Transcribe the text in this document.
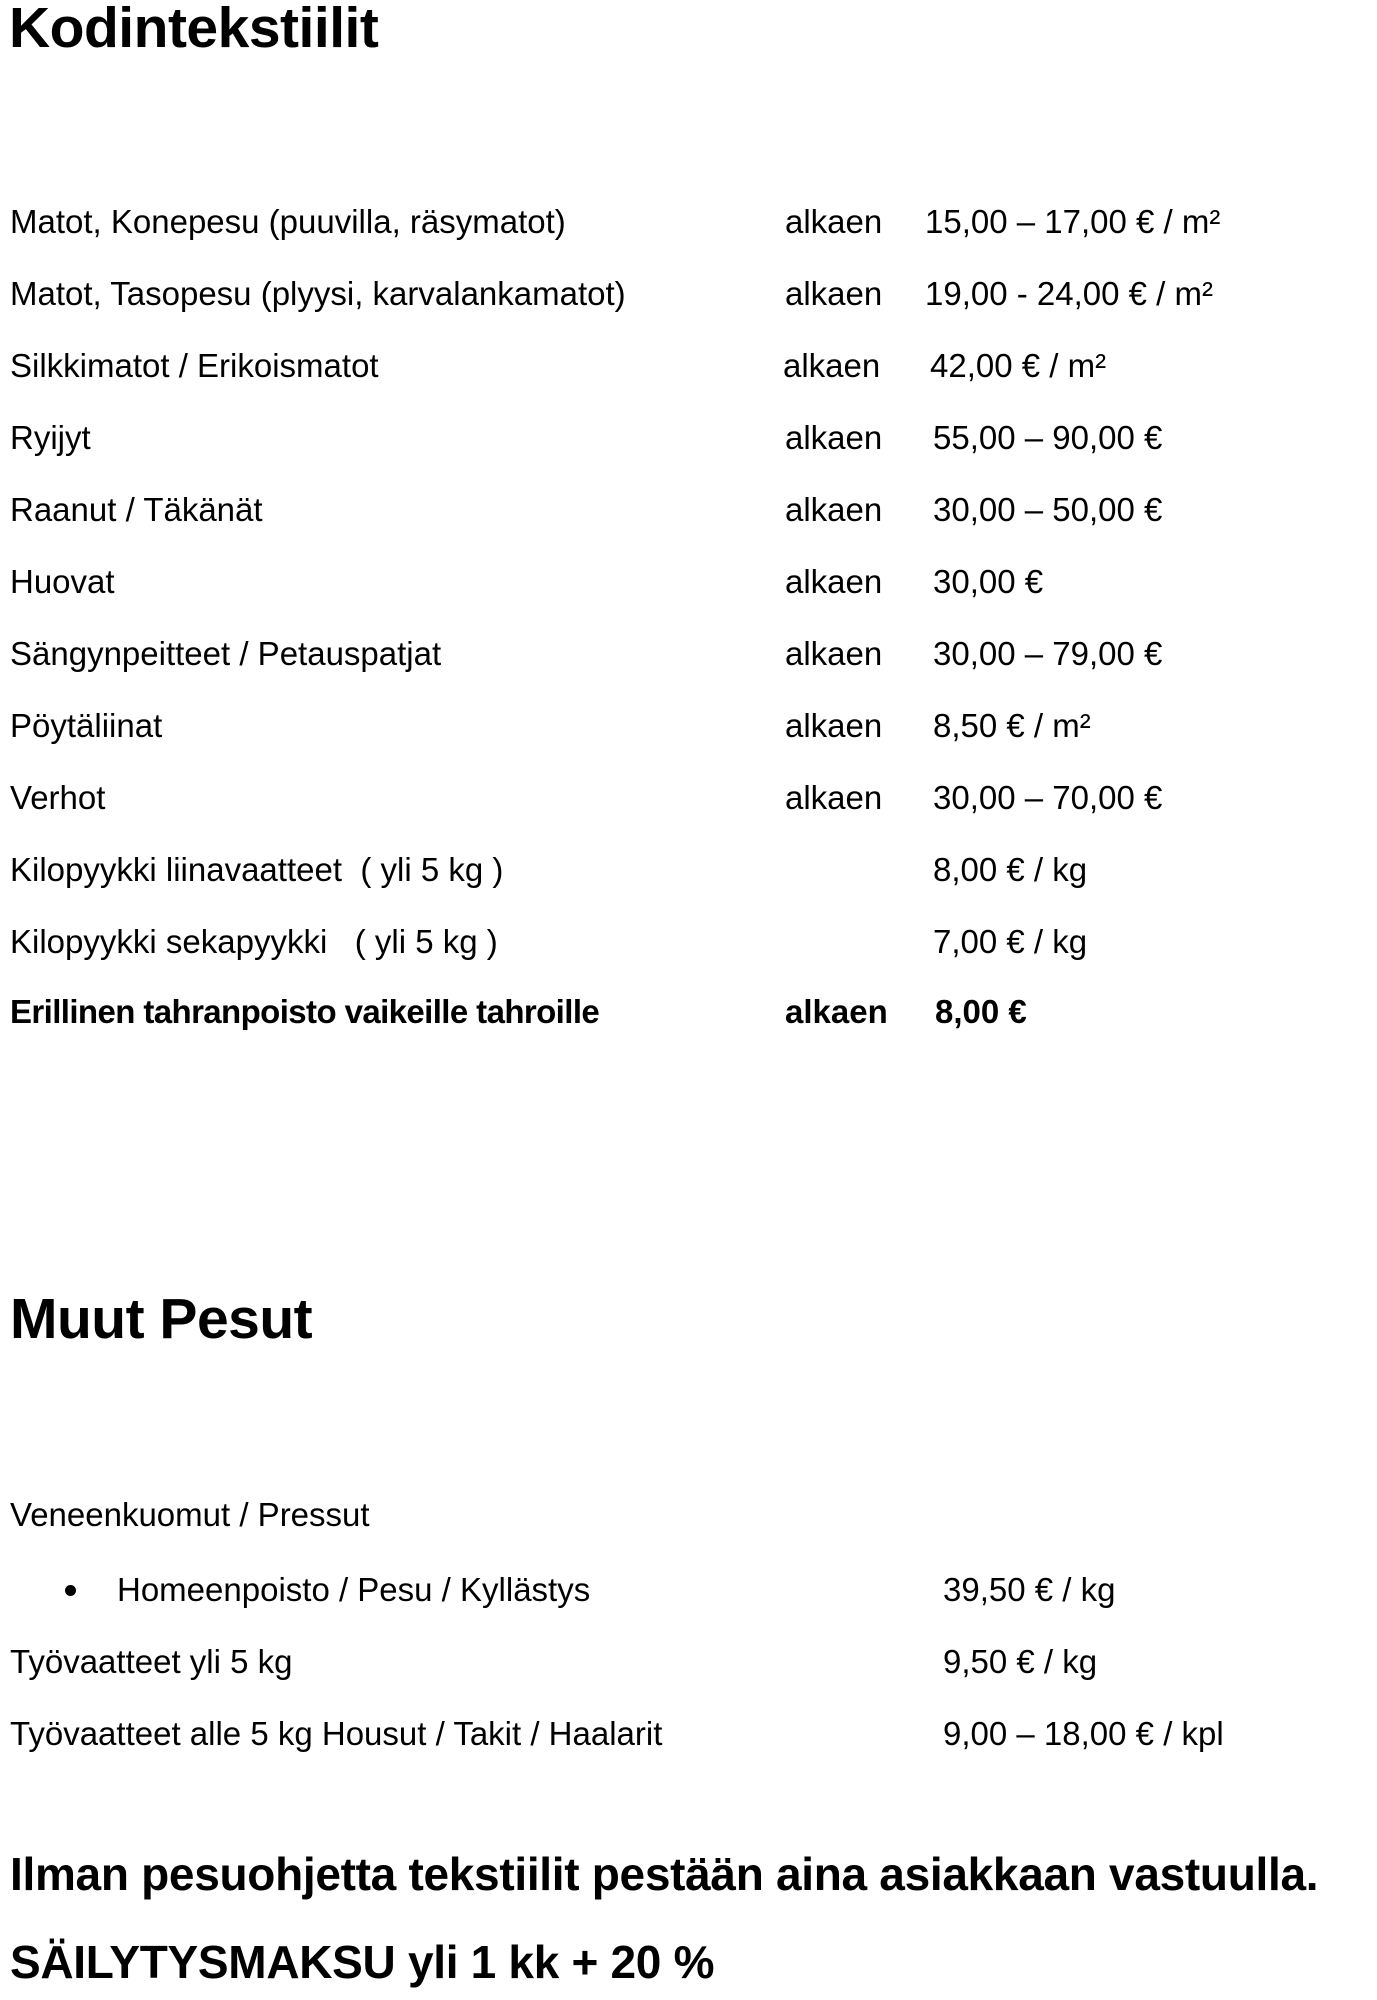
Kodintekstiilit
Matot, Konepesu (puuvilla, räsymatot)	alkaen 15,00 – 17,00 € / m²
Matot, Tasopesu (plyysi, karvalankamatot)	alkaen 19,00 - 24,00 € / m²
Silkkimatot / Erikoismatot	alkaen 42,00 € / m²
Ryijyt	alkaen 55,00 – 90,00 €
Raanut / Täkänät	alkaen 30,00 – 50,00 €
Huovat	alkaen 30,00 €
Sängynpeitteet / Petauspatjat	alkaen 30,00 – 79,00 €
Pöytäliinat	alkaen 8,50 € / m²
Verhot	alkaen 30,00 – 70,00 €
Kilopyykki liinavaatteet  ( yli 5 kg )	8,00 € / kg
Kilopyykki sekapyykki   ( yli 5 kg )	7,00 € / kg
Erillinen tahranpoisto vaikeille tahroille	alkaen 8,00 €
Muut Pesut
Veneenkuomut / Pressut
Homeenpoisto / Pesu / Kyllästys	39,50 € / kg
Työvaatteet yli 5 kg	9,50 € / kg
Työvaatteet alle 5 kg Housut / Takit / Haalarit	9,00 – 18,00 € / kpl
Ilman pesuohjetta tekstiilit pestään aina asiakkaan vastuulla.
SÄILYTYSMAKSU yli 1 kk + 20 %
